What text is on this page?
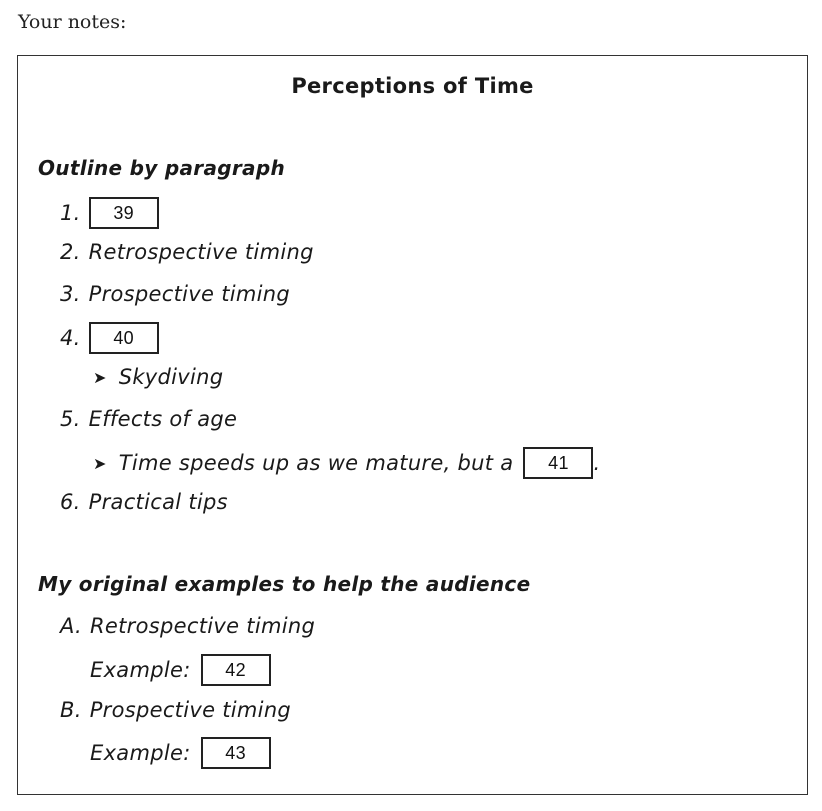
Your notes:
Perceptions of Time
Outline by paragraph
1.	39
2. Retrospective timing
3. Prospective timing
4.	40
➤ Skydiving
5. Effects of age
➤ Time speeds up as we mature, but a	41	.
6. Practical tips
My original examples to help the audience
A. Retrospective timing
Example:	42
B. Prospective timing
Example:	43
